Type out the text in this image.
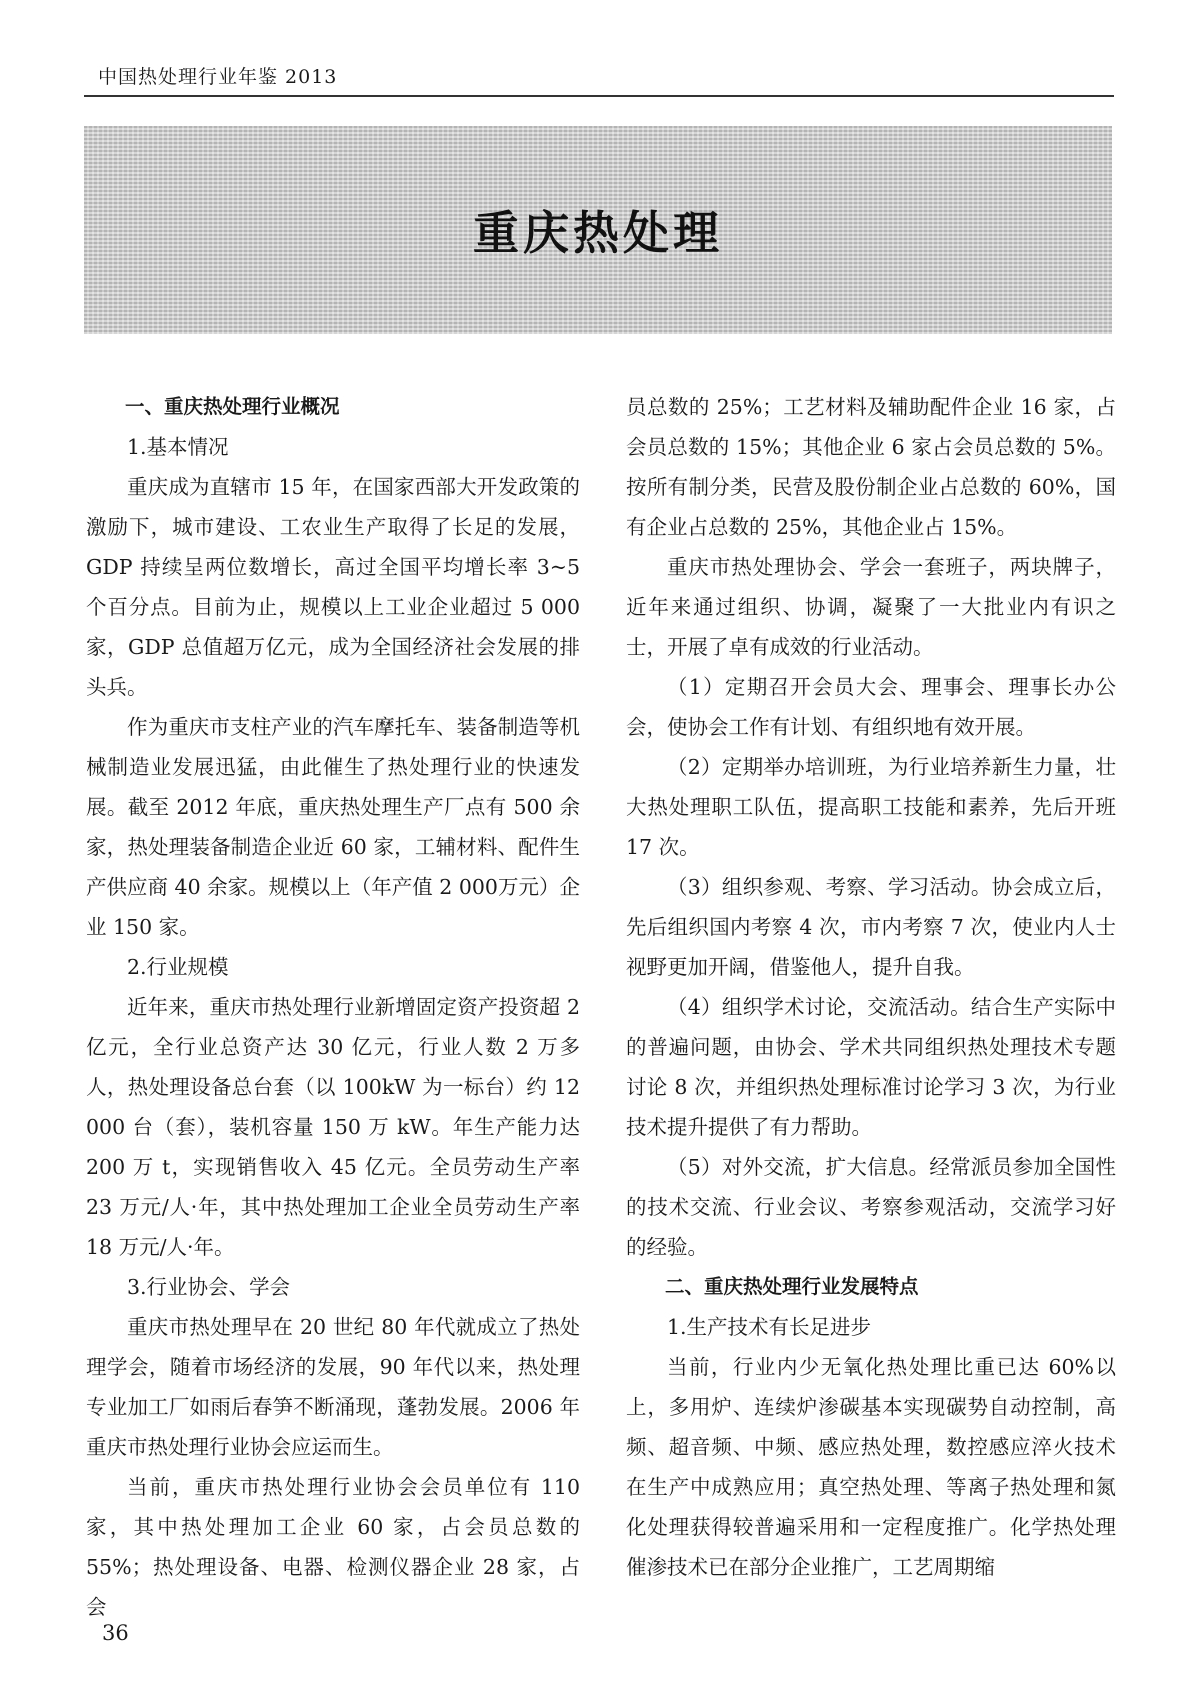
中国热处理行业年鉴 2013
重庆热处理
一、重庆热处理行业概况
1.基本情况

重庆成为直辖市 15 年，在国家西部大开发政策的激励下，城市建设、工农业生产取得了长足的发展，GDP 持续呈两位数增长，高过全国平均增长率 3~5 个百分点。目前为止，规模以上工业企业超过 5 000 家，GDP 总值超万亿元，成为全国经济社会发展的排头兵。

作为重庆市支柱产业的汽车摩托车、装备制造等机械制造业发展迅猛，由此催生了热处理行业的快速发展。截至 2012 年底，重庆热处理生产厂点有 500 余家，热处理装备制造企业近 60 家，工辅材料、配件生产供应商 40 余家。规模以上（年产值 2 000万元）企业 150 家。

2.行业规模

近年来，重庆市热处理行业新增固定资产投资超 2 亿元，全行业总资产达 30 亿元，行业人数 2 万多人，热处理设备总台套（以 100kW 为一标台）约 12 000 台（套），装机容量 150 万 kW。年生产能力达 200 万 t，实现销售收入 45 亿元。全员劳动生产率 23 万元/人·年，其中热处理加工企业全员劳动生产率 18 万元/人·年。

3.行业协会、学会

重庆市热处理早在 20 世纪 80 年代就成立了热处理学会，随着市场经济的发展，90 年代以来，热处理专业加工厂如雨后春笋不断涌现，蓬勃发展。2006 年重庆市热处理行业协会应运而生。

当前，重庆市热处理行业协会会员单位有 110 家，其中热处理加工企业 60 家，占会员总数的 55%；热处理设备、电器、检测仪器企业 28 家，占会

员总数的 25%；工艺材料及辅助配件企业 16 家，占会员总数的 15%；其他企业 6 家占会员总数的 5%。按所有制分类，民营及股份制企业占总数的 60%，国有企业占总数的 25%，其他企业占 15%。

重庆市热处理协会、学会一套班子，两块牌子，近年来通过组织、协调，凝聚了一大批业内有识之士，开展了卓有成效的行业活动。

（1）定期召开会员大会、理事会、理事长办公会，使协会工作有计划、有组织地有效开展。

（2）定期举办培训班，为行业培养新生力量，壮大热处理职工队伍，提高职工技能和素养，先后开班 17 次。

（3）组织参观、考察、学习活动。协会成立后，先后组织国内考察 4 次，市内考察 7 次，使业内人士视野更加开阔，借鉴他人，提升自我。

（4）组织学术讨论，交流活动。结合生产实际中的普遍问题，由协会、学术共同组织热处理技术专题讨论 8 次，并组织热处理标准讨论学习 3 次，为行业技术提升提供了有力帮助。

（5）对外交流，扩大信息。经常派员参加全国性的技术交流、行业会议、考察参观活动，交流学习好的经验。

二、重庆热处理行业发展特点
1.生产技术有长足进步

当前，行业内少无氧化热处理比重已达 60%以上，多用炉、连续炉渗碳基本实现碳势自动控制，高频、超音频、中频、感应热处理，数控感应淬火技术在生产中成熟应用；真空热处理、等离子热处理和氮化处理获得较普遍采用和一定程度推广。化学热处理催渗技术已在部分企业推广，工艺周期缩

36
